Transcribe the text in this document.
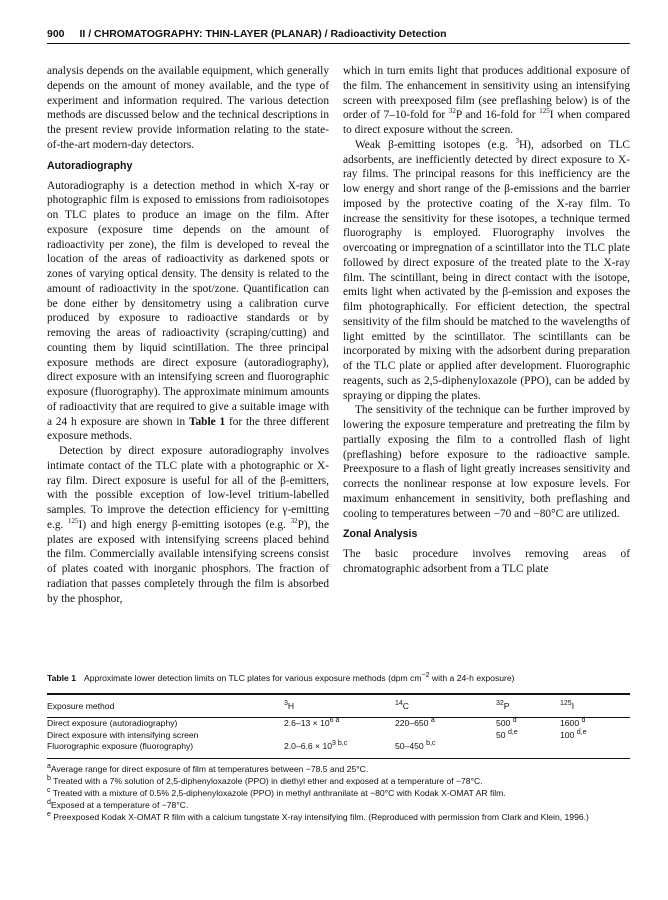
900 II / CHROMATOGRAPHY: THIN-LAYER (PLANAR) / Radioactivity Detection

analysis depends on the available equipment, which generally depends on the amount of money available, and the type of experiment and information required. The various detection methods are discussed below and the technical descriptions in the present review provide information relating to the state-of-the-art modern-day detectors.

Autoradiography

Autoradiography is a detection method in which X-ray or photographic film is exposed to emissions from radioisotopes on TLC plates to produce an image on the film. After exposure (exposure time depends on the amount of radioactivity per zone), the film is developed to reveal the location of the areas of radioactivity as darkened spots or zones of varying optical density. The density is related to the amount of radioactivity in the spot/zone. Quantification can be done either by densitometry using a calibration curve produced by exposure to radioactive standards or by removing the areas of radioactivity (scraping/cutting) and counting them by liquid scintillation. The three principal exposure methods are direct exposure (autoradiography), direct exposure with an intensifying screen and fluorographic exposure (fluorography). The approximate minimum amounts of radioactivity that are required to give a suitable image with a 24 h exposure are shown in Table 1 for the three different exposure methods.

Detection by direct exposure autoradiography involves intimate contact of the TLC plate with a photographic or X-ray film. Direct exposure is useful for all of the β-emitters, with the possible exception of low-level tritium-labelled samples. To improve the detection efficiency for γ-emitting e.g. $^{125}$I) and high energy β-emitting isotopes (e.g. $^{32}$P), the plates are exposed with intensifying screens placed behind the film. Commercially available intensifying screens consist of plates coated with inorganic phosphors. The fraction of radiation that passes completely through the film is absorbed by the phosphor,

which in turn emits light that produces additional exposure of the film. The enhancement in sensitivity using an intensifying screen with preexposed film (see preflashing below) is of the order of 7–10-fold for $^{32}$P and 16-fold for $^{125}$I when compared to direct exposure without the screen.

Weak β-emitting isotopes (e.g. $^3$H), adsorbed on TLC adsorbents, are inefficiently detected by direct exposure to X-ray films. The principal reasons for this inefficiency are the low energy and short range of the β-emissions and the barrier imposed by the protective coating of the X-ray film. To increase the sensitivity for these isotopes, a technique termed fluorography is employed. Fluorography involves the overcoating or impregnation of a scintillator into the TLC plate followed by direct exposure of the treated plate to the X-ray film. The scintillant, being in direct contact with the isotope, emits light when activated by the β-emission and exposes the film photographically. For efficient detection, the spectral sensitivity of the film should be matched to the wavelengths of light emitted by the scintillator. The scintillants can be incorporated by mixing with the adsorbent during preparation of the TLC plate or applied after development. Fluorographic reagents, such as 2,5-diphenyloxazole (PPO), can be added by spraying or dipping the plates.

The sensitivity of the technique can be further improved by lowering the exposure temperature and pretreating the film by partially exposing the film to a controlled flash of light (preflashing) before exposure to the radioactive sample. Preexposure to a flash of light greatly increases sensitivity and corrects the nonlinear response at low exposure levels. For maximum enhancement in sensitivity, both preflashing and cooling to temperatures between −70 and −80°C are utilized.

Zonal Analysis

The basic procedure involves removing areas of chromatographic adsorbent from a TLC plate

Table 1 Approximate lower detection limits on TLC plates for various exposure methods (dpm $cm^{-2}$ with a 24-h exposure)
Exposure method	$^3$H	$^{14}$C	$^{32}$P	$^{125}$I

Direct exposure (autoradiography)	$2.6-13 \times 10^{6 a}$	220–650 $^a$	500 $^d$	1600 $^d$
Direct exposure with intensifying screen			50 $^{d,e}$	100 $^{d,e}$
Fluorographic exposure (fluorography)	$2.0-6.6 \times 10^{3 b,c}$	50–450 $^{b,c}$		
$^a$Average range for direct exposure of film at temperatures between −78.5 and 25°C.
$^b$ Treated with a 7% solution of 2,5-diphenyloxazole (PPO) in diethyl ether and exposed at a temperature of −78°C.
$^c$ Treated with a mixture of 0.5% 2,5-diphenyloxazole (PPO) in methyl anthranilate at −80°C with Kodak X-OMAT AR film.
$^d$Exposed at a temperature of −78°C.
$^e$ Preexposed Kodak X-OMAT R film with a calcium tungstate X-ray intensifying film. (Reproduced with permission from Clark and Klein, 1996.)
